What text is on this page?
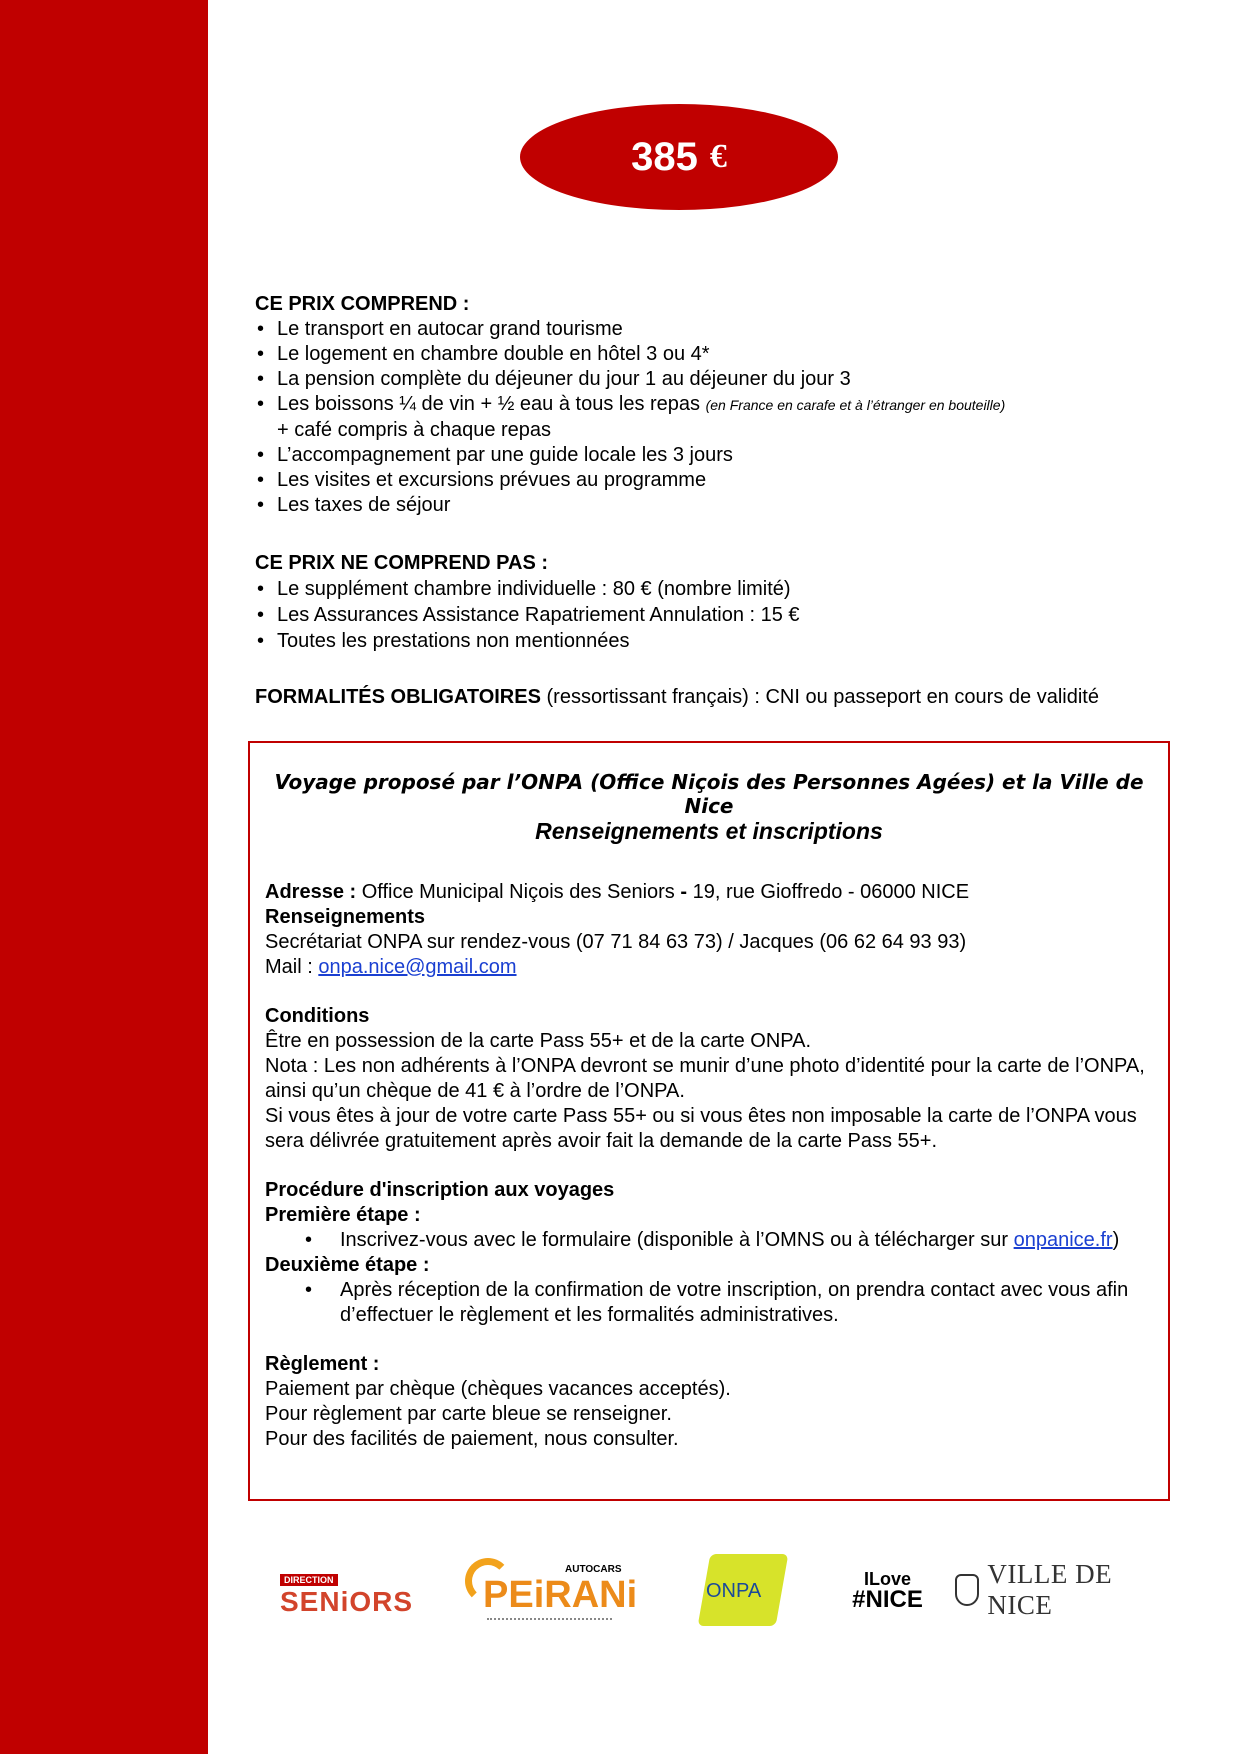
385 €
CE PRIX COMPREND :
• Le transport en autocar grand tourisme
• Le logement en chambre double en hôtel 3 ou 4*
• La pension complète du déjeuner du jour 1 au déjeuner du jour 3
• Les boissons ¼ de vin + ½ eau à tous les repas (en France en carafe et à l’étranger en bouteille)
+ café compris à chaque repas
• L’accompagnement par une guide locale les 3 jours
• Les visites et excursions prévues au programme
• Les taxes de séjour
CE PRIX NE COMPREND PAS :
• Le supplément chambre individuelle : 80 € (nombre limité)
• Les Assurances Assistance Rapatriement Annulation : 15 €
• Toutes les prestations non mentionnées
FORMALITÉS OBLIGATOIRES (ressortissant français) : CNI ou passeport en cours de validité
Voyage proposé par l’ONPA (Office Niçois des Personnes Agées) et la Ville de Nice
Renseignements et inscriptions
Adresse : Office Municipal Niçois des Seniors - 19, rue Gioffredo - 06000 NICE
Renseignements
Secrétariat ONPA sur rendez-vous (07 71 84 63 73) / Jacques (06 62 64 93 93)
Mail : onpa.nice@gmail.com
Conditions
Être en possession de la carte Pass 55+ et de la carte ONPA.
Nota : Les non adhérents à l’ONPA devront se munir d’une photo d’identité pour la carte de l’ONPA, ainsi qu’un chèque de 41 € à l’ordre de l’ONPA.
Si vous êtes à jour de votre carte Pass 55+ ou si vous êtes non imposable la carte de l’ONPA vous sera délivrée gratuitement après avoir fait la demande de la carte Pass 55+.
Procédure d'inscription aux voyages
Première étape :
• Inscrivez-vous avec le formulaire (disponible à l’OMNS ou à télécharger sur onpanice.fr)
Deuxième étape :
• Après réception de la confirmation de votre inscription, on prendra contact avec vous afin d’effectuer le règlement et les formalités administratives.
Règlement :
Paiement par chèque (chèques vacances acceptés).
Pour règlement par carte bleue se renseigner.
Pour des facilités de paiement, nous consulter.
DIRECTION
SENiORS
AUTOCARS
PEiRANi	ONPA
ILove
#NICE
VILLE DE NICE
